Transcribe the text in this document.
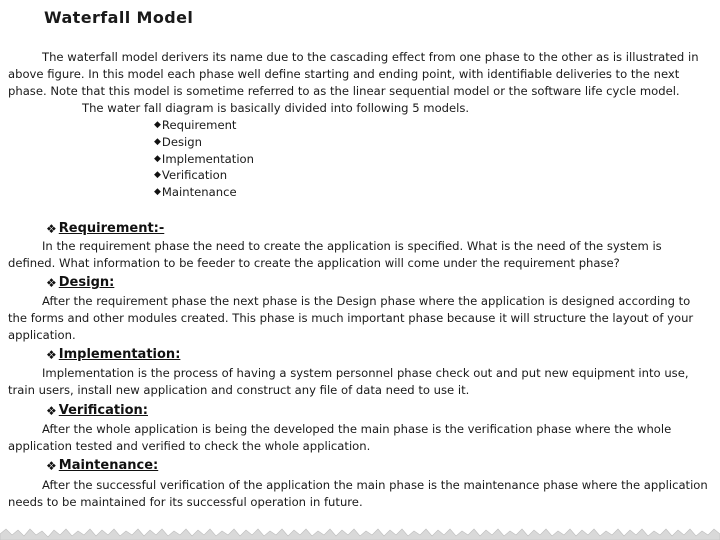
Waterfall Model

The waterfall model derivers its name due to the cascading effect from one phase to the other as is illustrated in above figure. In this model each phase well define starting and ending point, with identifiable deliveries to the next phase. Note that this model is sometime referred to as the linear sequential model or the software life cycle model.

The water fall diagram is basically divided into following 5 models.
◆ Requirement
◆ Design
◆ Implementation
◆ Verification
◆ Maintenance
❖ Requirement:-

In the requirement phase the need to create the application is specified. What is the need of the system is defined. What information to be feeder to create the application will come under the requirement phase?

❖ Design:

After the requirement phase the next phase is the Design phase where the application is designed according to the forms and other modules created. This phase is much important phase because it will structure the layout of your application.

❖ Implementation:

Implementation is the process of having a system personnel phase check out and put new equipment into use, train users, install new application and construct any file of data need to use it.

❖ Verification:

After the whole application is being the developed the main phase is the verification phase where the whole application tested and verified to check the whole application.

❖ Maintenance:

After the successful verification of the application the main phase is the maintenance phase where the application needs to be maintained for its successful operation in future.
